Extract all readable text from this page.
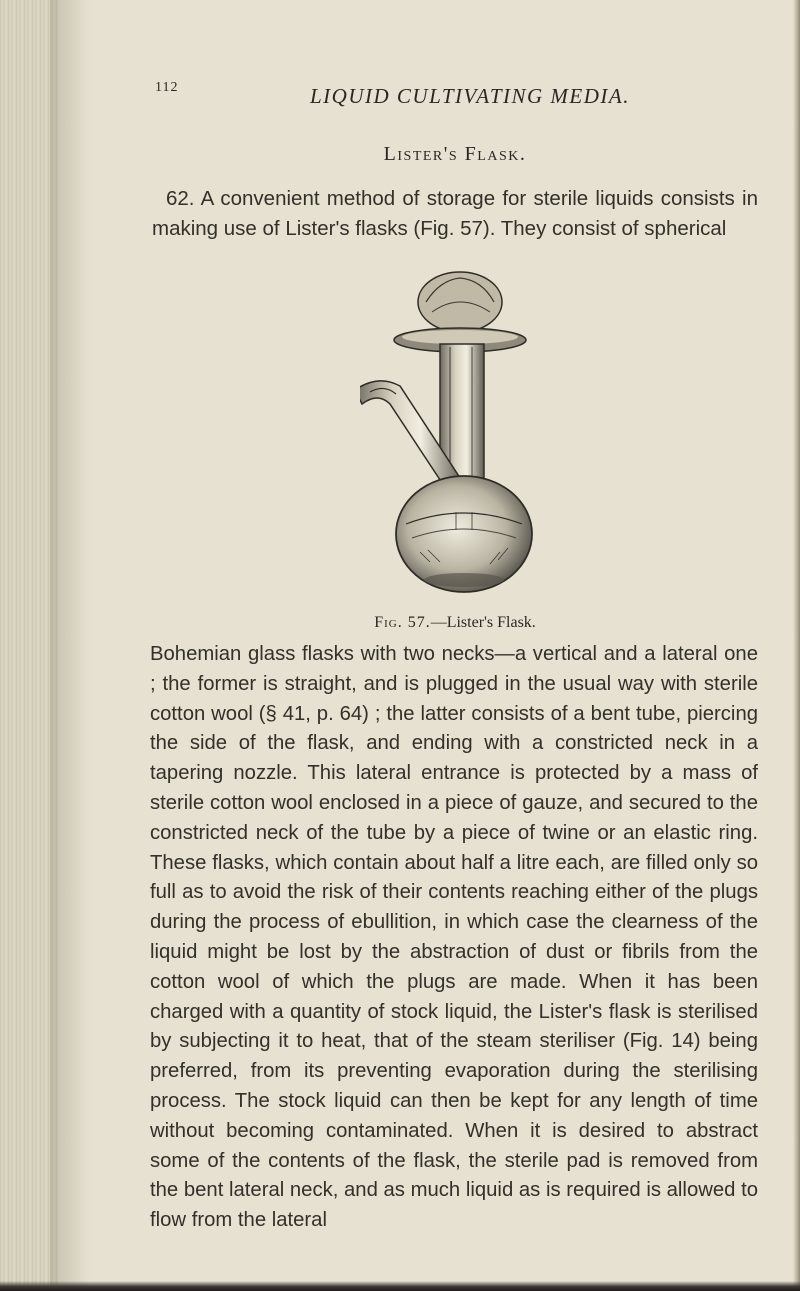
112	LIQUID CULTIVATING MEDIA.
Lister's Flask.

62. A convenient method of storage for sterile liquids consists in making use of Lister's flasks (Fig. 57). They consist of spherical

Fig. 57.—Lister's Flask.

Bohemian glass flasks with two necks—a vertical and a lateral one ; the former is straight, and is plugged in the usual way with sterile cotton wool (§ 41, p. 64) ; the latter consists of a bent tube, piercing the side of the flask, and ending with a constricted neck in a tapering nozzle. This lateral entrance is protected by a mass of sterile cotton wool enclosed in a piece of gauze, and secured to the constricted neck of the tube by a piece of twine or an elastic ring. These flasks, which contain about half a litre each, are filled only so full as to avoid the risk of their contents reaching either of the plugs during the process of ebullition, in which case the clearness of the liquid might be lost by the abstraction of dust or fibrils from the cotton wool of which the plugs are made. When it has been charged with a quantity of stock liquid, the Lister's flask is sterilised by subjecting it to heat, that of the steam steriliser (Fig. 14) being preferred, from its preventing evaporation during the sterilising process. The stock liquid can then be kept for any length of time without becoming contaminated. When it is desired to abstract some of the contents of the flask, the sterile pad is removed from the bent lateral neck, and as much liquid as is required is allowed to flow from the lateral
